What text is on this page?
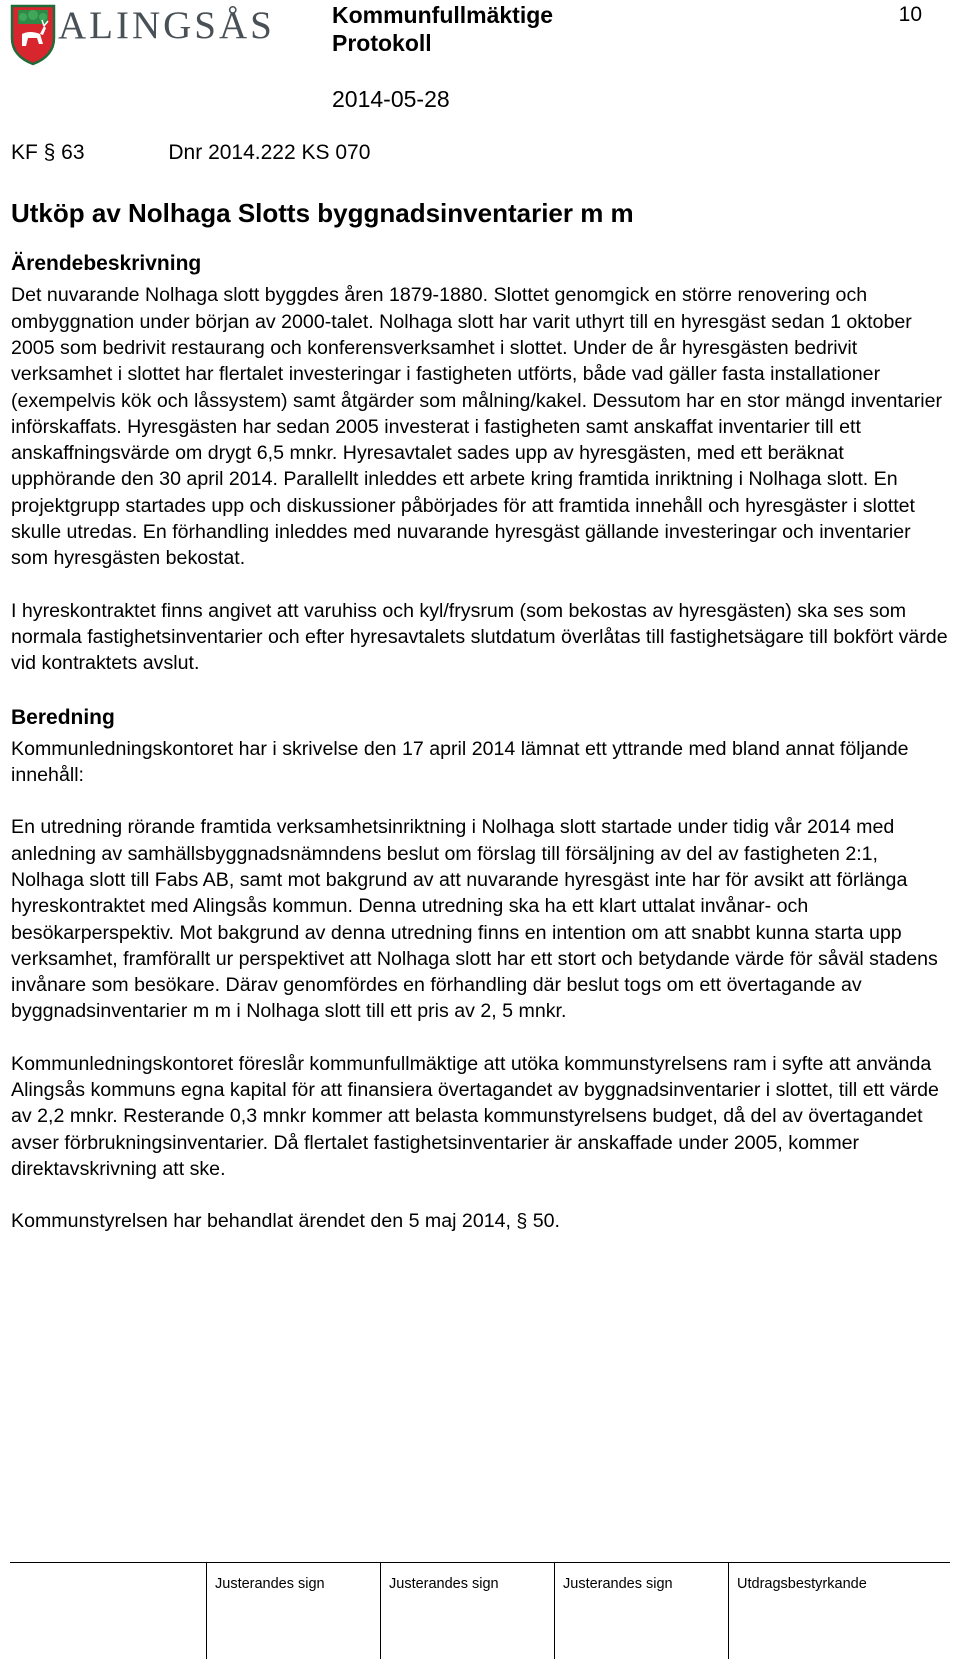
ALINGSÅS Kommunfullmäktige
Protokoll
2014-05-28
10
KF § 63	Dnr 2014.222 KS 070
Utköp av Nolhaga Slotts byggnadsinventarier m m
Ärendebeskrivning

Det nuvarande Nolhaga slott byggdes åren 1879-1880. Slottet genomgick en större renovering och ombyggnation under början av 2000-talet. Nolhaga slott har varit uthyrt till en hyresgäst sedan 1 oktober 2005 som bedrivit restaurang och konferensverksamhet i slottet. Under de år hyresgästen bedrivit verksamhet i slottet har flertalet investeringar i fastigheten utförts, både vad gäller fasta installationer (exempelvis kök och låssystem) samt åtgärder som målning/kakel. Dessutom har en stor mängd inventarier införskaffats. Hyresgästen har sedan 2005 investerat i fastigheten samt anskaffat inventarier till ett anskaffningsvärde om drygt 6,5 mnkr. Hyresavtalet sades upp av hyresgästen, med ett beräknat upphörande den 30 april 2014. Parallellt inleddes ett arbete kring framtida inriktning i Nolhaga slott. En projektgrupp startades upp och diskussioner påbörjades för att framtida innehåll och hyresgäster i slottet skulle utredas. En förhandling inleddes med nuvarande hyresgäst gällande investeringar och inventarier som hyresgästen bekostat.

I hyreskontraktet finns angivet att varuhiss och kyl/frysrum (som bekostas av hyresgästen) ska ses som normala fastighetsinventarier och efter hyresavtalets slutdatum överlåtas till fastighetsägare till bokfört värde vid kontraktets avslut.

Beredning

Kommunledningskontoret har i skrivelse den 17 april 2014 lämnat ett yttrande med bland annat följande innehåll:

En utredning rörande framtida verksamhetsinriktning i Nolhaga slott startade under tidig vår 2014 med anledning av samhällsbyggnadsnämndens beslut om förslag till försäljning av del av fastigheten 2:1, Nolhaga slott till Fabs AB, samt mot bakgrund av att nuvarande hyresgäst inte har för avsikt att förlänga hyreskontraktet med Alingsås kommun. Denna utredning ska ha ett klart uttalat invånar- och besökarperspektiv. Mot bakgrund av denna utredning finns en intention om att snabbt kunna starta upp verksamhet, framförallt ur perspektivet att Nolhaga slott har ett stort och betydande värde för såväl stadens invånare som besökare. Därav genomfördes en förhandling där beslut togs om ett övertagande av byggnadsinventarier m m i Nolhaga slott till ett pris av 2, 5 mnkr.

Kommunledningskontoret föreslår kommunfullmäktige att utöka kommunstyrelsens ram i syfte att använda Alingsås kommuns egna kapital för att finansiera övertagandet av byggnadsinventarier i slottet, till ett värde av 2,2 mnkr. Resterande 0,3 mnkr kommer att belasta kommunstyrelsens budget, då del av övertagandet avser förbrukningsinventarier. Då flertalet fastighetsinventarier är anskaffade under 2005, kommer direktavskrivning att ske.

Kommunstyrelsen har behandlat ärendet den 5 maj 2014, § 50.

Justerandes sign	Justerandes sign	Justerandes sign	Utdragsbestyrkande
